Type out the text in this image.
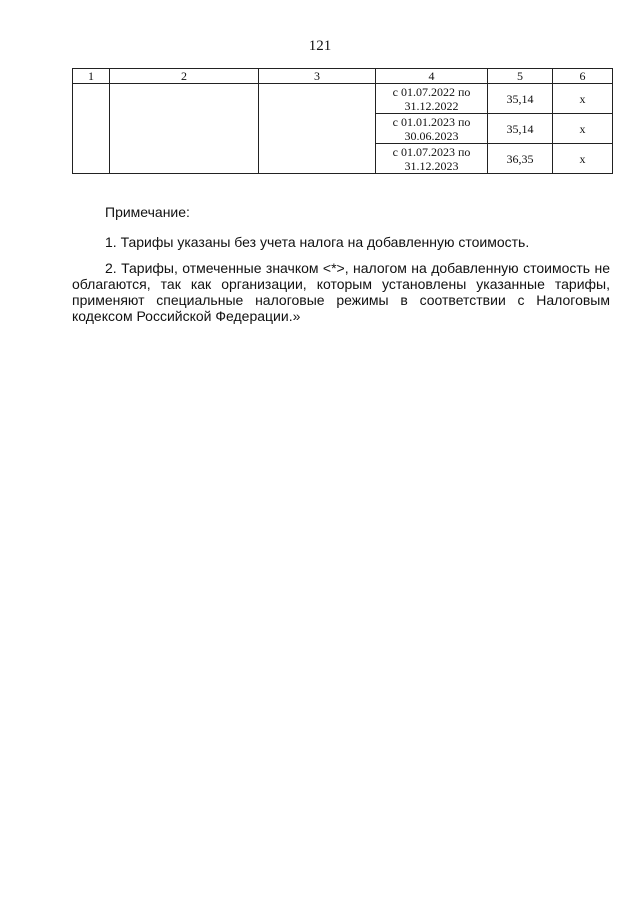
121
1	2	3	4	5	6
			с 01.07.2022 по 31.12.2022	35,14	х
			с 01.01.2023 по 30.06.2023	35,14	х
			с 01.07.2023 по 31.12.2023	36,35	х

Примечание:

1. Тарифы указаны без учета налога на добавленную стоимость.

2. Тарифы, отмеченные значком <*>, налогом на добавленную стоимость не облагаются, так как организации, которым установлены указанные тарифы, применяют специальные налоговые режимы в соответствии с Налоговым кодексом Российской Федерации.»
